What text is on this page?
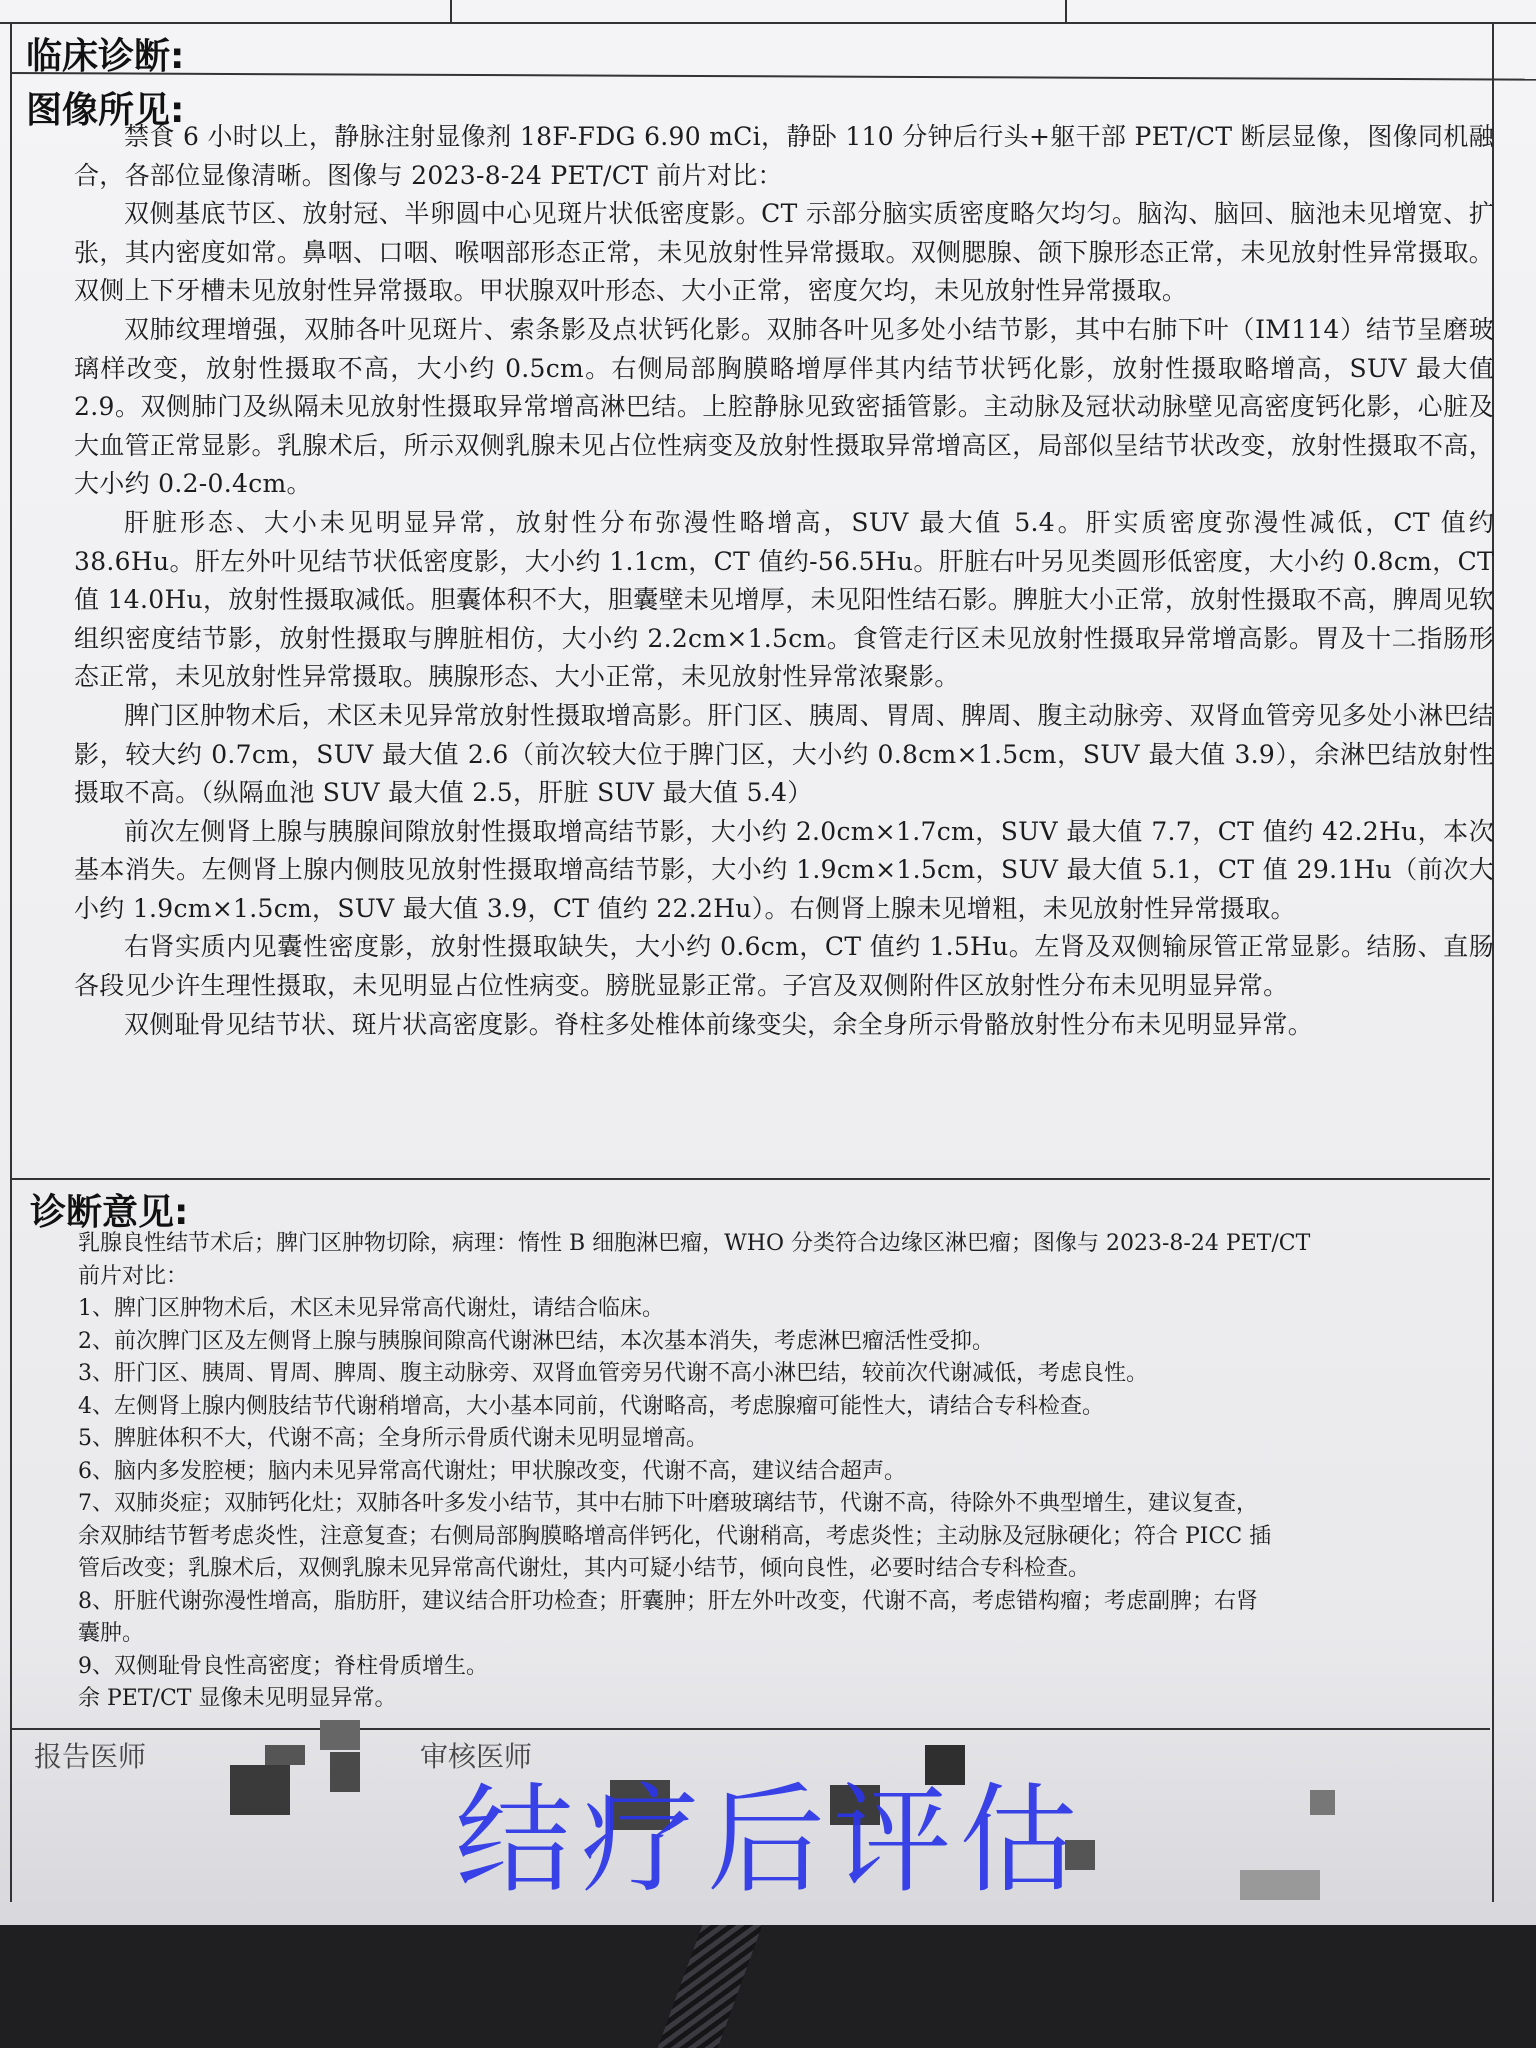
临床诊断:
图像所见:

禁食 6 小时以上，静脉注射显像剂 18F-FDG 6.90 mCi，静卧 110 分钟后行头+躯干部 PET/CT 断层显像，图像同机融合，各部位显像清晰。图像与 2023-8-24 PET/CT 前片对比：

双侧基底节区、放射冠、半卵圆中心见斑片状低密度影。CT 示部分脑实质密度略欠均匀。脑沟、脑回、脑池未见增宽、扩张，其内密度如常。鼻咽、口咽、喉咽部形态正常，未见放射性异常摄取。双侧腮腺、颌下腺形态正常，未见放射性异常摄取。双侧上下牙槽未见放射性异常摄取。甲状腺双叶形态、大小正常，密度欠均，未见放射性异常摄取。

双肺纹理增强，双肺各叶见斑片、索条影及点状钙化影。双肺各叶见多处小结节影，其中右肺下叶（IM114）结节呈磨玻璃样改变，放射性摄取不高，大小约 0.5cm。右侧局部胸膜略增厚伴其内结节状钙化影，放射性摄取略增高，SUV 最大值 2.9。双侧肺门及纵隔未见放射性摄取异常增高淋巴结。上腔静脉见致密插管影。主动脉及冠状动脉壁见高密度钙化影，心脏及大血管正常显影。乳腺术后，所示双侧乳腺未见占位性病变及放射性摄取异常增高区，局部似呈结节状改变，放射性摄取不高，大小约 0.2-0.4cm。

肝脏形态、大小未见明显异常，放射性分布弥漫性略增高，SUV 最大值 5.4。肝实质密度弥漫性减低，CT 值约 38.6Hu。肝左外叶见结节状低密度影，大小约 1.1cm，CT 值约-56.5Hu。肝脏右叶另见类圆形低密度，大小约 0.8cm，CT 值 14.0Hu，放射性摄取减低。胆囊体积不大，胆囊壁未见增厚，未见阳性结石影。脾脏大小正常，放射性摄取不高，脾周见软组织密度结节影，放射性摄取与脾脏相仿，大小约 2.2cm×1.5cm。食管走行区未见放射性摄取异常增高影。胃及十二指肠形态正常，未见放射性异常摄取。胰腺形态、大小正常，未见放射性异常浓聚影。

脾门区肿物术后，术区未见异常放射性摄取增高影。肝门区、胰周、胃周、脾周、腹主动脉旁、双肾血管旁见多处小淋巴结影，较大约 0.7cm，SUV 最大值 2.6（前次较大位于脾门区，大小约 0.8cm×1.5cm，SUV 最大值 3.9），余淋巴结放射性摄取不高。（纵隔血池 SUV 最大值 2.5，肝脏 SUV 最大值 5.4）

前次左侧肾上腺与胰腺间隙放射性摄取增高结节影，大小约 2.0cm×1.7cm，SUV 最大值 7.7，CT 值约 42.2Hu，本次基本消失。左侧肾上腺内侧肢见放射性摄取增高结节影，大小约 1.9cm×1.5cm，SUV 最大值 5.1，CT 值 29.1Hu（前次大小约 1.9cm×1.5cm，SUV 最大值 3.9，CT 值约 22.2Hu）。右侧肾上腺未见增粗，未见放射性异常摄取。

右肾实质内见囊性密度影，放射性摄取缺失，大小约 0.6cm，CT 值约 1.5Hu。左肾及双侧输尿管正常显影。结肠、直肠各段见少许生理性摄取，未见明显占位性病变。膀胱显影正常。子宫及双侧附件区放射性分布未见明显异常。

双侧耻骨见结节状、斑片状高密度影。脊柱多处椎体前缘变尖，余全身所示骨骼放射性分布未见明显异常。

诊断意见:

乳腺良性结节术后；脾门区肿物切除，病理：惰性 B 细胞淋巴瘤，WHO 分类符合边缘区淋巴瘤；图像与 2023-8-24 PET/CT

前片对比：

1、脾门区肿物术后，术区未见异常高代谢灶，请结合临床。

2、前次脾门区及左侧肾上腺与胰腺间隙高代谢淋巴结，本次基本消失，考虑淋巴瘤活性受抑。

3、肝门区、胰周、胃周、脾周、腹主动脉旁、双肾血管旁另代谢不高小淋巴结，较前次代谢减低，考虑良性。

4、左侧肾上腺内侧肢结节代谢稍增高，大小基本同前，代谢略高，考虑腺瘤可能性大，请结合专科检查。

5、脾脏体积不大，代谢不高；全身所示骨质代谢未见明显增高。

6、脑内多发腔梗；脑内未见异常高代谢灶；甲状腺改变，代谢不高，建议结合超声。

7、双肺炎症；双肺钙化灶；双肺各叶多发小结节，其中右肺下叶磨玻璃结节，代谢不高，待除外不典型增生，建议复查，

余双肺结节暂考虑炎性，注意复查；右侧局部胸膜略增高伴钙化，代谢稍高，考虑炎性；主动脉及冠脉硬化；符合 PICC 插

管后改变；乳腺术后，双侧乳腺未见异常高代谢灶，其内可疑小结节，倾向良性，必要时结合专科检查。

8、肝脏代谢弥漫性增高，脂肪肝，建议结合肝功检查；肝囊肿；肝左外叶改变，代谢不高，考虑错构瘤；考虑副脾；右肾

囊肿。

9、双侧耻骨良性高密度；脊柱骨质增生。

余 PET/CT 显像未见明显异常。

报告医师	审核医师
结疗后评估
